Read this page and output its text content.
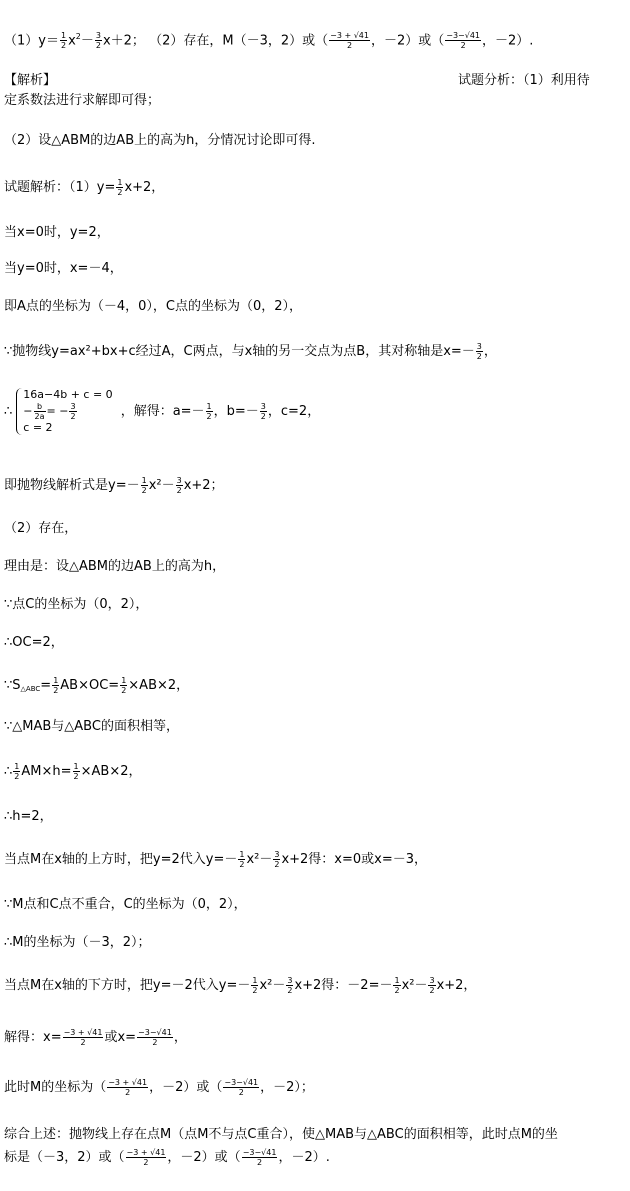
$(1)y= \frac{1}{2} x^2- \frac{3}{2} x+2$； （2）存在，M（－3，2）或（ $\frac{-3 + √41}{2}$ ，－2）或（ $\frac{-3-√41}{2}$ ，－2）.
【解析】	试题分析：（1）利用待
定系数法进行求解即可得；
（2）设△ABM的边AB上的高为h，分情况讨论即可得.
试题解析：$(1)y= \frac{1}{2} x+2$，
当x=0时，y=2，
当y=0时，x=－4，
即A点的坐标为（－4，0），C点的坐标为（0，2），
∵抛物线y=ax²+bx+c经过A，C两点，与x轴的另一交点为点B，其对称轴是$x=- \frac{3}{2}$ ，
∴
16a−4b + c = 0
− $\frac{b}{2a}$ = − $\frac{3}{2}$
c = 2
，解得：$a=- \frac{1}{2}$ ，$b=- \frac{3}{2}$ ，c=2，
即抛物线解析式是$y=- \frac{1}{2} x^2- \frac{3}{2} x+2$；
（2）存在，
理由是：设△ABM的边AB上的高为h，
∵点C的坐标为（0，2），
∴OC=2，
$\because S_{\triangle ABC}= \frac{1}{2} AB\times OC= \frac{1}{2} \times AB\times 2$，
∵△MAB与△ABC的面积相等，
∴ $\frac{1}{2} AM\times h= \frac{1}{2} \times AB\times 2$，
∴h=2，
当点M在x轴的上方时，把y=2代入$y=- \frac{1}{2} x^2- \frac{3}{2} x+2$得：x=0或x=－3，
∵M点和C点不重合，C的坐标为（0，2），
∴M的坐标为（－3，2）；
当点M在x轴的下方时，把y=－2代入$y=- \frac{1}{2} x^2- \frac{3}{2} x+2$得：$-2=- \frac{1}{2} x^2- \frac{3}{2} x+2$，
解得：$x= \frac{-3 + √41}{2}$ 或$x= \frac{-3-√41}{2}$ ，
此时M的坐标为（ $\frac{-3 + √41}{2}$ ，－2）或（ $\frac{-3-√41}{2}$ ，－2）；
综合上述：抛物线上存在点M（点M不与点C重合），使△MAB与△ABC的面积相等，此时点M的坐
标是（－3，2）或（ $\frac{-3 + √41}{2}$ ，－2）或（ $\frac{-3-√41}{2}$ ，－2）.
